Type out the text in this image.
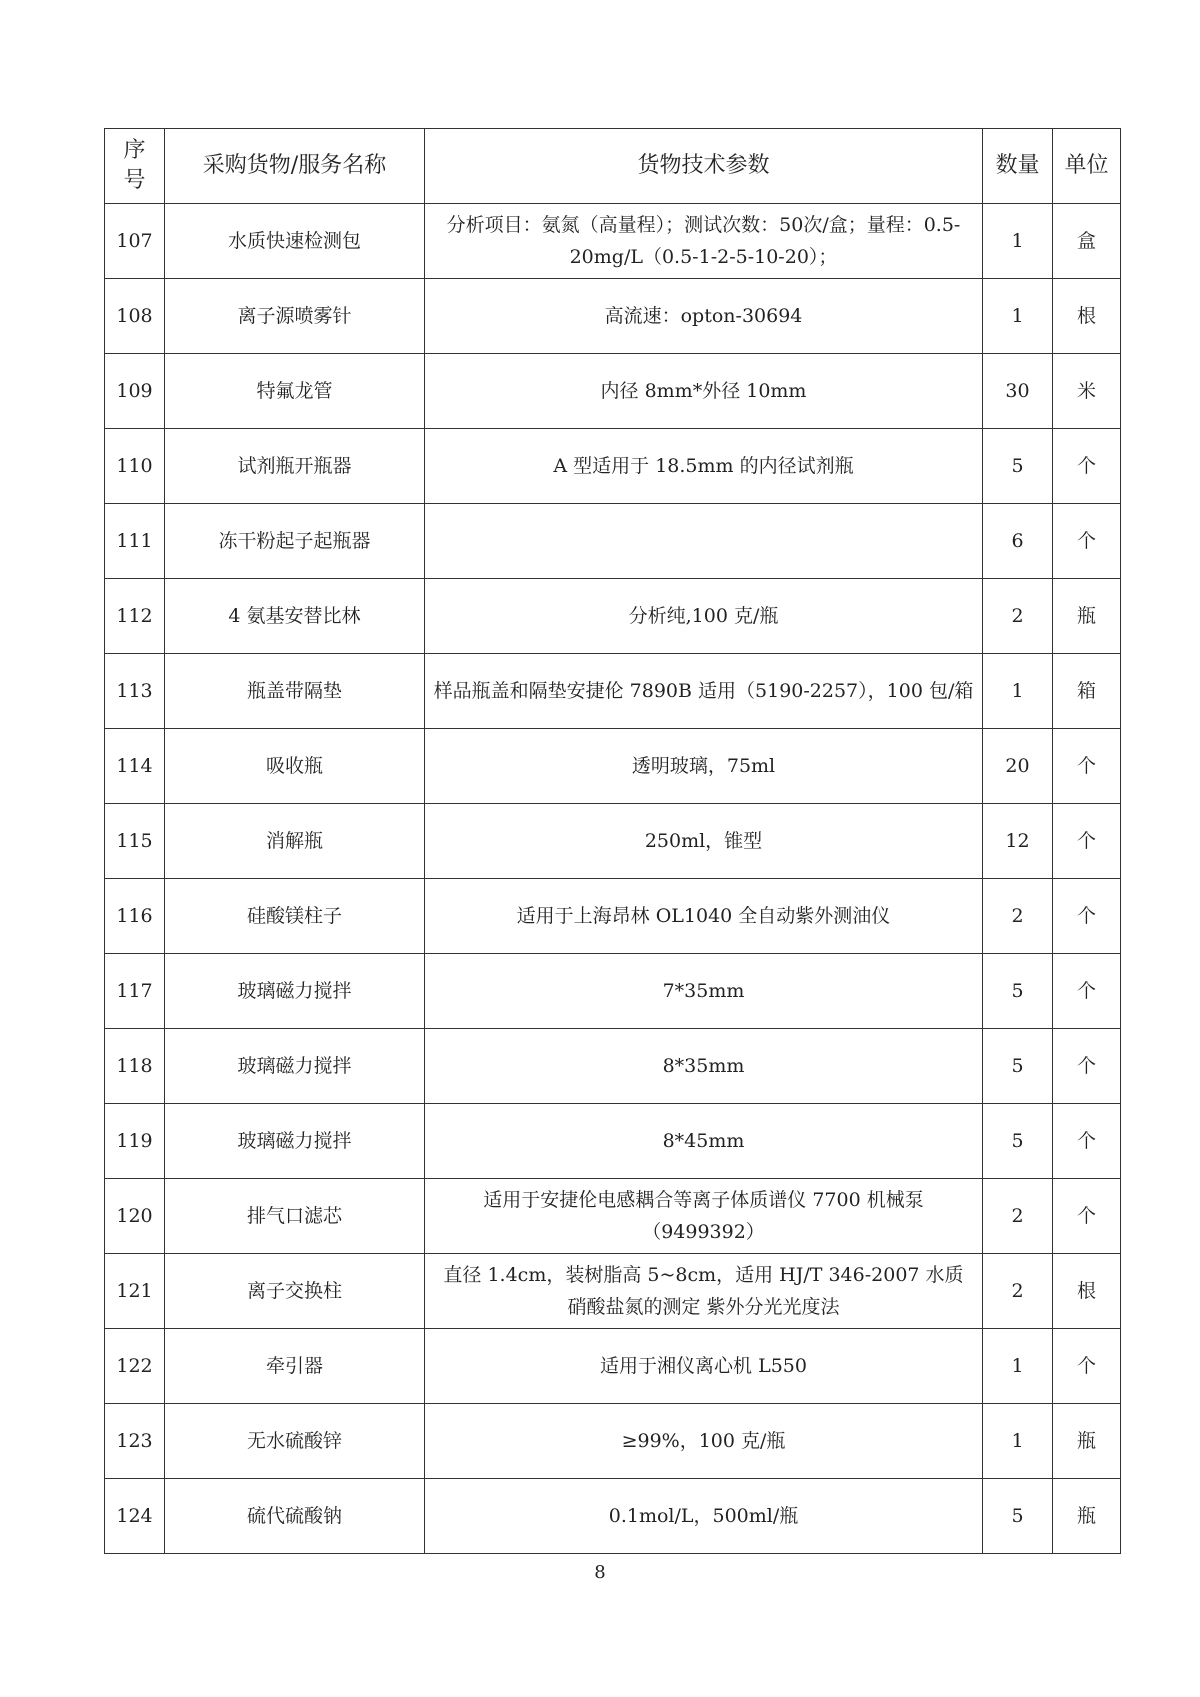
序号	采购货物/服务名称	货物技术参数	数量	单位
107	水质快速检测包	分析项目：氨氮（高量程）；测试次数：50次/盒；量程：0.5-20mg/L（0.5-1-2-5-10-20）；	1	盒
108	离子源喷雾针	高流速：opton-30694	1	根
109	特氟龙管	内径 8mm*外径 10mm	30	米
110	试剂瓶开瓶器	A 型适用于 18.5mm 的内径试剂瓶	5	个
111	冻干粉起子起瓶器		6	个
112	4 氨基安替比林	分析纯,100 克/瓶	2	瓶
113	瓶盖带隔垫	样品瓶盖和隔垫安捷伦 7890B 适用（5190-2257），100 包/箱	1	箱
114	吸收瓶	透明玻璃，75ml	20	个
115	消解瓶	250ml，锥型	12	个
116	硅酸镁柱子	适用于上海昂林 OL1040 全自动紫外测油仪	2	个
117	玻璃磁力搅拌	7*35mm	5	个
118	玻璃磁力搅拌	8*35mm	5	个
119	玻璃磁力搅拌	8*45mm	5	个
120	排气口滤芯	适用于安捷伦电感耦合等离子体质谱仪 7700 机械泵（9499392）	2	个
121	离子交换柱	直径 1.4cm，装树脂高 5~8cm，适用 HJ/T 346-2007 水质 硝酸盐氮的测定 紫外分光光度法	2	根
122	牵引器	适用于湘仪离心机 L550	1	个
123	无水硫酸锌	≥99%，100 克/瓶	1	瓶
124	硫代硫酸钠	0.1mol/L，500ml/瓶	5	瓶
8
